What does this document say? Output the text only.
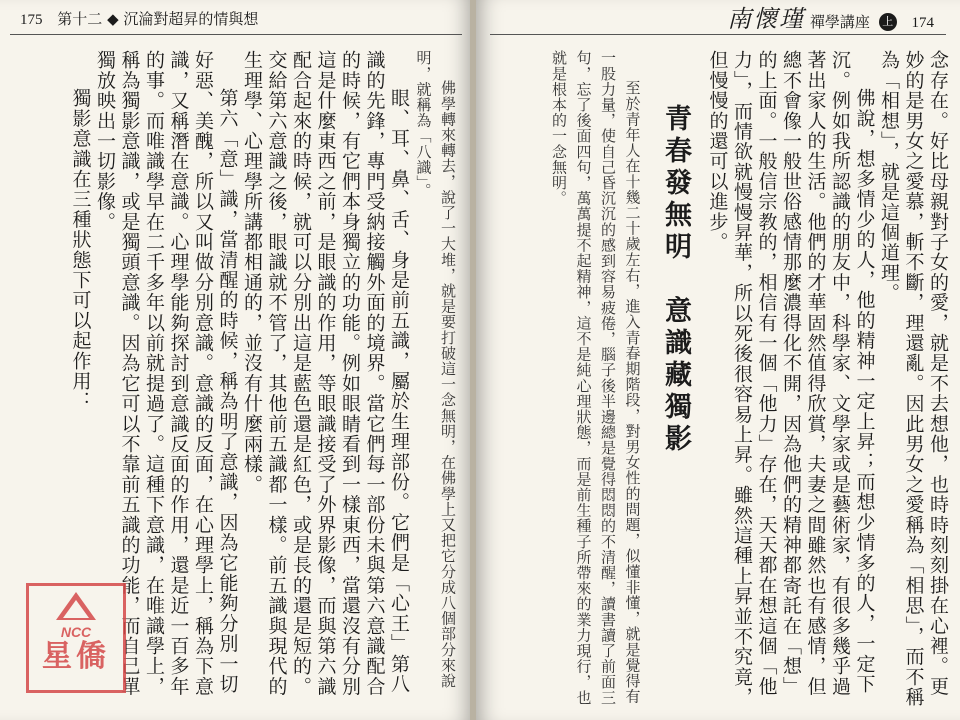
175 第十二 ◆ 沉淪對超昇的情與想

佛學轉來轉去，說了一大堆，就是要打破這一念無明，在佛學上又把它分成八個部分來說明，就稱為「八識」。

眼、耳、鼻、舌、身是前五識，屬於生理部份。它們是「心王」第八識的先鋒，專門受納接觸外面的境界。當它們每一部份未與第六意識配合的時候，有它們本身獨立的功能。例如眼睛看到一樣東西，當還沒有分別這是什麼東西之前，是眼識的作用，等眼識接受了外界影像，而與第六識配合起來的時候，就可以分別出這是藍色還是紅色，或是長的還是短的。交給第六意識之後，眼識就不管了，其他前五識都一樣。前五識與現代的生理學、心理學所講都相通的，並沒有什麼兩樣。

第六「意」識，當清醒的時候，稱為明了意識，因為它能夠分別一切好惡、美醜，所以又叫做分別意識。意識的反面，在心理學上，稱為下意識，又稱潛在意識。心理學能夠探討到意識反面的作用，還是近一百多年的事。而唯識學早在二千多年以前就提過了。這種下意識，在唯識學上，稱為獨影意識，或是獨頭意識。因為它可以不靠前五識的功能，而自己單獨放映出一切影像。

獨影意識在三種狀態下可以起作用：

NCC
星僑
南懷瑾 禪學講座 上 174

念存在。好比母親對子女的愛，就是不去想他，也時時刻刻掛在心裡。更妙的是男女之愛慕，斬不斷，理還亂。因此男女之愛稱為「相思」，而不稱為「相想」，就是這個道理。

佛說，想多情少的人，他的精神一定上昇；而想少情多的人，一定下沉。例如我所認識的朋友中，科學家、文學家或是藝術家，有很多幾乎過著出家人的生活。他們的才華固然值得欣賞，夫妻之間雖然也有感情，但總不會像一般世俗感情那麼濃得化不開，因為他們的精神都寄託在「想」的上面。一般信宗教的，相信有一個「他力」存在，天天都在想這個「他力」，而情欲就慢慢昇華，所以死後很容易上昇。雖然這種上昇並不究竟，但慢慢的還可以進步。

青春發無明　意識藏獨影

至於青年人在十幾二十歲左右，進入青春期階段，對男女性的問題，似懂非懂，就是覺得有一股力量，使自己昏沉沉的感到容易疲倦，腦子後半邊總是覺得悶悶的不清醒，讀書讀了前面三句，忘了後面四句，萬萬提不起精神，這不是純心理狀態，而是前生種子所帶來的業力現行，也就是根本的一念無明。
